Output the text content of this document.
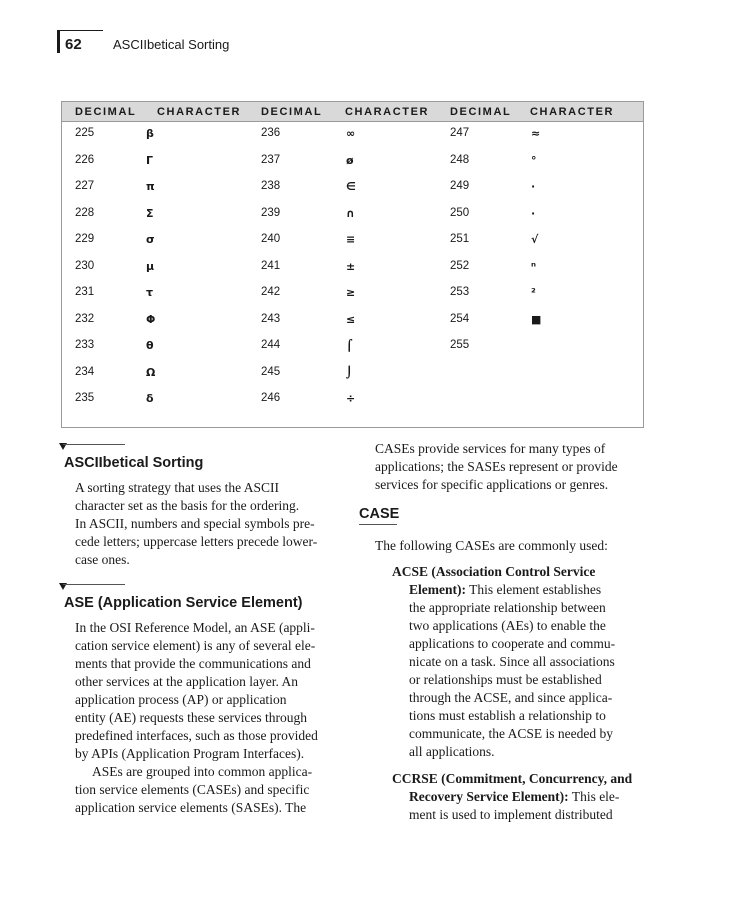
62 ASCIIbetical Sorting
DECIMAL CHARACTER DECIMAL CHARACTER DECIMAL CHARACTER
225	β	236	∞	247	≈
226	Γ	237	ø	248	°
227	π	238	∈	249	·
228	Σ	239	∩	250	·
229	σ	240	≡	251	√
230	µ	241	±	252	ⁿ
231	τ	242	≥	253	²
232	Φ	243	≤	254	■
233	θ	244	⌠	255
234	Ω	245	⌡
235	δ	246	÷
ASCIIbetical Sorting
A sorting strategy that uses the ASCII
character set as the basis for the ordering.
In ASCII, numbers and special symbols pre-
cede letters; uppercase letters precede lower-
case ones.
ASE (Application Service Element)
In the OSI Reference Model, an ASE (appli-
cation service element) is any of several ele-
ments that provide the communications and
other services at the application layer. An
application process (AP) or application
entity (AE) requests these services through
predefined interfaces, such as those provided
by APIs (Application Program Interfaces).
ASEs are grouped into common applica-
tion service elements (CASEs) and specific
application service elements (SASEs). The
CASEs provide services for many types of
applications; the SASEs represent or provide
services for specific applications or genres.
CASE
The following CASEs are commonly used:
ACSE (Association Control Service
Element): This element establishes
the appropriate relationship between
two applications (AEs) to enable the
applications to cooperate and commu-
nicate on a task. Since all associations
or relationships must be established
through the ACSE, and since applica-
tions must establish a relationship to
communicate, the ACSE is needed by
all applications.
CCRSE (Commitment, Concurrency, and
Recovery Service Element): This ele-
ment is used to implement distributed
